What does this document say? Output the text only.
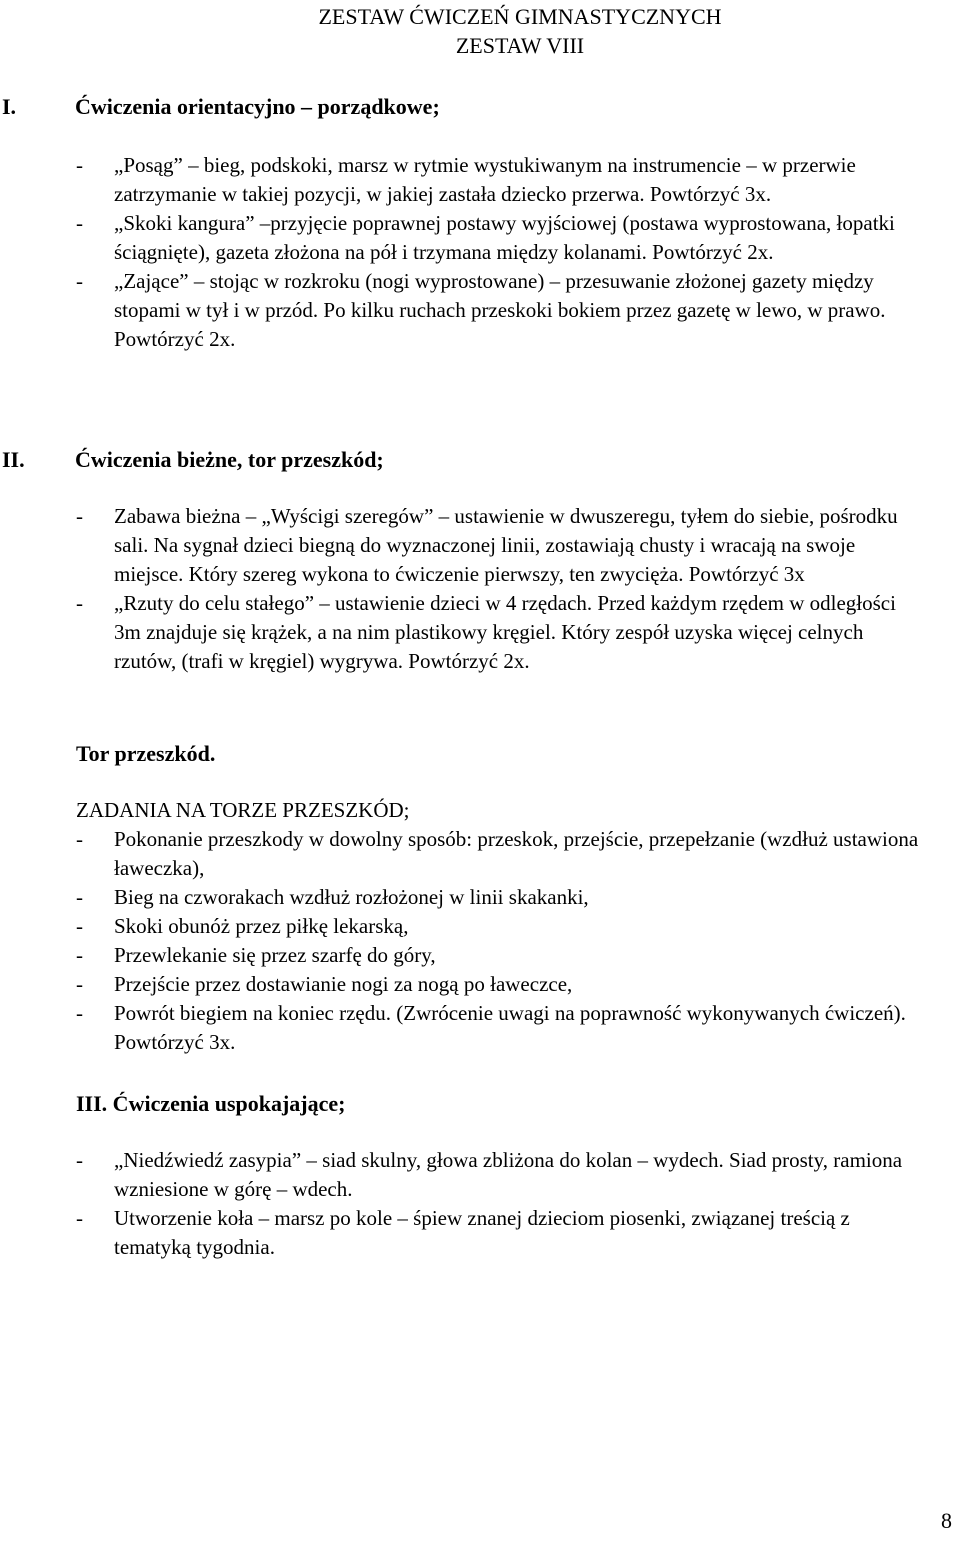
ZESTAW ĆWICZEŃ GIMNASTYCZNYCH
ZESTAW VIII
I.	Ćwiczenia orientacyjno – porządkowe;
- „Posąg” – bieg, podskoki, marsz w rytmie wystukiwanym na instrumencie – w przerwie zatrzymanie w takiej pozycji, w jakiej zastała dziecko przerwa. Powtórzyć 3x.
- „Skoki kangura” –przyjęcie poprawnej postawy wyjściowej (postawa wyprostowana, łopatki ściągnięte), gazeta złożona na pół i trzymana między kolanami. Powtórzyć 2x.
- „Zające” – stojąc w rozkroku (nogi wyprostowane) – przesuwanie złożonej gazety między stopami w tył i w przód. Po kilku ruchach przeskoki bokiem przez gazetę w lewo, w prawo. Powtórzyć 2x.
II. Ćwiczenia bieżne, tor przeszkód;
- Zabawa bieżna – „Wyścigi szeregów” – ustawienie w dwuszeregu, tyłem do siebie, pośrodku sali. Na sygnał dzieci biegną do wyznaczonej linii, zostawiają chusty i wracają na swoje miejsce. Który szereg wykona to ćwiczenie pierwszy, ten zwycięża. Powtórzyć 3x
- „Rzuty do celu stałego” – ustawienie dzieci w 4 rzędach. Przed każdym rzędem w odległości 3m znajduje się krążek, a na nim plastikowy kręgiel. Który zespół uzyska więcej celnych rzutów, (trafi w kręgiel) wygrywa. Powtórzyć 2x.
Tor przeszkód.
ZADANIA NA TORZE PRZESZKÓD;
- Pokonanie przeszkody w dowolny sposób: przeskok, przejście, przepełzanie (wzdłuż ustawiona ławeczka),
- Bieg na czworakach wzdłuż rozłożonej w linii skakanki,
- Skoki obunóż przez piłkę lekarską,
- Przewlekanie się przez szarfę do góry,
- Przejście przez dostawianie nogi za nogą po ławeczce,
- Powrót biegiem na koniec rzędu. (Zwrócenie uwagi na poprawność wykonywanych ćwiczeń). Powtórzyć 3x.
III. Ćwiczenia uspokajające;
- „Niedźwiedź zasypia” – siad skulny, głowa zbliżona do kolan – wydech. Siad prosty, ramiona wzniesione w górę – wdech.
- Utworzenie koła – marsz po kole – śpiew znanej dzieciom piosenki, związanej treścią z tematyką tygodnia.
8
